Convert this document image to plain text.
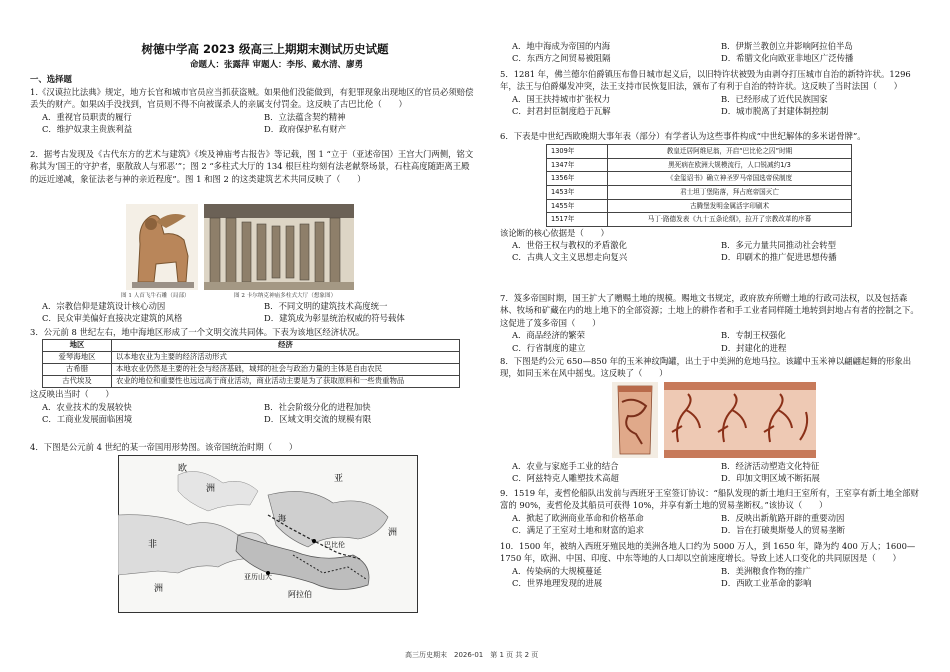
树德中学高 2023 级高三上期期末测试历史试题
命题人：张露萍 审题人：李彤、戴水清、廖勇
一、选择题
1.《汉谟拉比法典》规定，地方长官和城市官员应当抓获盗贼。如果他们没能做到，有犯罪现象出现地区的官员必须赔偿丢失的财产。如果凶手没找到，官员则不得不向被谋杀人的亲属支付罚金。这反映了古巴比伦（　　）
A．重视官员职责的履行	B．立法蕴含契约精神
C．维护奴隶主贵族利益	D．政府保护私有财产
2．据考古发现及《古代东方的艺术与建筑》《埃及神庙考古报告》等记载，图 1 “立于（亚述帝国）王宫大门两侧，铭文称其为‘国王的守护者，驱散敌人与邪恶’”；图 2 “多柱式大厅的 134 根巨柱均刻有法老献祭场景，石柱高度随距离王殿的远近递减，象征法老与神的亲近程度”。图 1 和图 2 的这类建筑艺术共同反映了（　　）
图 1 人首飞牛石雕（局部）	图 2 卡尔纳克神庙多柱式大厅（想象图）
A．宗教信仰是建筑设计核心动因	B．不同文明的建筑技术高度统一
C．民众审美偏好直接决定建筑的风格	D．建筑成为彰显统治权威的符号载体
3．公元前 8 世纪左右，地中海地区形成了一个文明交流共同体。下表为该地区经济状况。
地区	经济
爱琴海地区	以本地农业为主要的经济活动形式
古希腊	本地农业仍然是主要的社会与经济基础，城邦的社会与政治力量的主体是自由农民
古代埃及	农业的地位和重要性也远远高于商业活动，商业活动主要是为了获取原料和一些贵重物品
这反映出当时（　　）
A．农业技术的发展较快	B．社会阶级分化的进程加快
C．工商业发展面临困境	D．区域文明交流的规模有限
4．下图是公元前 4 世纪的某一帝国用形势图。该帝国统治时期（　　）
欧
洲
亚
洲
非
洲
巴比伦
亚历山大
海
阿拉伯
A．地中海成为帝国的内海	B．伊斯兰教创立并影响阿拉伯半岛
C．东西方之间贸易被阻隔	D．希腊文化向欧亚非地区广泛传播
5．1281 年，佛兰德尔伯爵镇压布鲁日城市起义后，以旧特许状被毁为由剥夺打压城市自治的新特许状。1296 年，法王与伯爵爆发冲突，法王支持市民恢复旧法，颁布了有利于自治的特许状。这反映了当时法国（　　）
A．国王扶持城市扩张权力	B．已经形成了近代民族国家
C．封君封臣制度趋于瓦解	D．城市脱离了封建体制控制
6．下表是中世纪西欧晚期大事年表（部分）有学者认为这些事件构成“中世纪解体的多米诺骨牌”。
1309年	教皇迁居阿维尼翁，开启“巴比伦之囚”时期
1347年	黑死病在欧洲大规模流行，人口锐减约1/3
1356年	《金玺诏书》确立神圣罗马帝国选帝侯制度
1453年	君士坦丁堡陷落，拜占庭帝国灭亡
1455年	古腾堡发明金属活字印刷术
1517年	马丁·路德发表《九十五条论纲》，拉开了宗教改革的序幕
该论断的核心依据是（　　）
A．世俗王权与教权的矛盾激化	B．多元力量共同推动社会转型
C．古典人文主义思想走向复兴	D．印刷术的推广促进思想传播
7．笈多帝国时期，国王扩大了赠赐土地的规模。赐地文书规定，政府放弃所赠土地的行政司法权，以及包括森林、牧场和矿藏在内的地上地下的全部资源；土地上的耕作者和手工业者同样随土地转到封地占有者的控制之下。这促进了笈多帝国（　　）
A．商品经济的繁荣	B．专制王权强化
C．行省制度的建立	D．封建化的进程
8．下图是约公元 650—850 年的玉米神纹陶罐，出土于中美洲的危地马拉。该罐中玉米神以翩翩起舞的形象出现，如同玉米在风中摇曳。这反映了（　　）
A．农业与家庭手工业的结合	B．经济活动塑造文化特征
C．阿兹特克人雕塑技术高超	D．印加文明区域不断拓展
9．1519 年，麦哲伦船队出发前与西班牙王室签订协议：“船队发现的新土地归王室所有，王室享有新土地全部财富的 90%，麦哲伦及其船员可获得 10%，并享有新土地的贸易垄断权。”该协议（　　）
A．掀起了欧洲商业革命和价格革命	B．反映出新航路开辟的重要动因
C．满足了王室对土地和财富的追求	D．旨在打破奥斯曼人的贸易垄断
10．1500 年，被纳入西班牙殖民地的美洲各地人口约为 5000 万人，到 1650 年，降为约 400 万人；1600—1750 年，欧洲、中国、印度、中东等地的人口却以空前速度增长。导致上述人口变化的共同原因是（　　）
A．传染病的大规模蔓延	B．美洲粮食作物的推广
C．世界地理发现的进展	D．西欧工业革命的影响
高三历史期末　2026-01　第 1 页 共 2 页
